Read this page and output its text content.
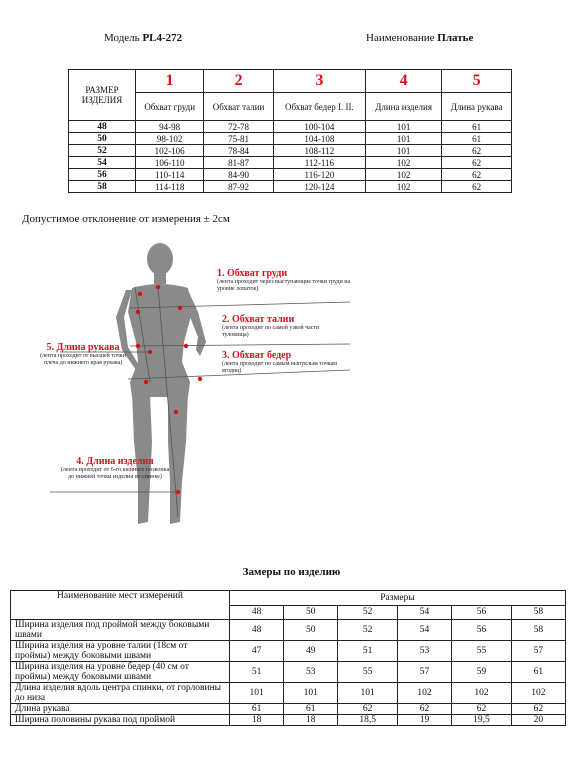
Модель PL4-272	Наименование Платье
РАЗМЕР ИЗДЕЛИЯ	1	2	3	4	5
	Обхват груди	Обхват талии	Обхват бедер I. II.	Длина изделия	Длина рукава
48	94-98	72-78	100-104	101	61
50	98-102	75-81	104-108	101	61
52	102-106	78-84	108-112	101	62
54	106-110	81-87	112-116	102	62
56	110-114	84-90	116-120	102	62
58	114-118	87-92	120-124	102	62
Допустимое отклонение от измерения ± 2см
1. Обхват груди
(лента проходит через выступающие точки груди на уровне лопаток)
2. Обхват талии
(лента проходит по самой узкой части туловища)
3. Обхват бедер
(лента проходит по самым выпуклым точкам ягодиц)
5. Длина рукава
(лента проходит от высшей точки плеча до нижнего края рукава)
4. Длина изделия
(лента проходит от 6-го шейного позвонка до нижней точки изделия по спинке)
Замеры по изделию
Наименование мест измерений	Размеры					
	48	50	52	54	56	58
Ширина изделия под проймой между боковыми швами	48	50	52	54	56	58
Ширина изделия на уровне талии (18см от проймы) между боковыми швами	47	49	51	53	55	57
Ширина изделия на уровне бедер (40 см от проймы) между боковыми швами	51	53	55	57	59	61
Длина изделия вдоль центра спинки, от горловины до низа	101	101	101	102	102	102
Длина рукава	61	61	62	62	62	62
Ширина половины рукава под проймой	18	18	18,5	19	19,5	20
